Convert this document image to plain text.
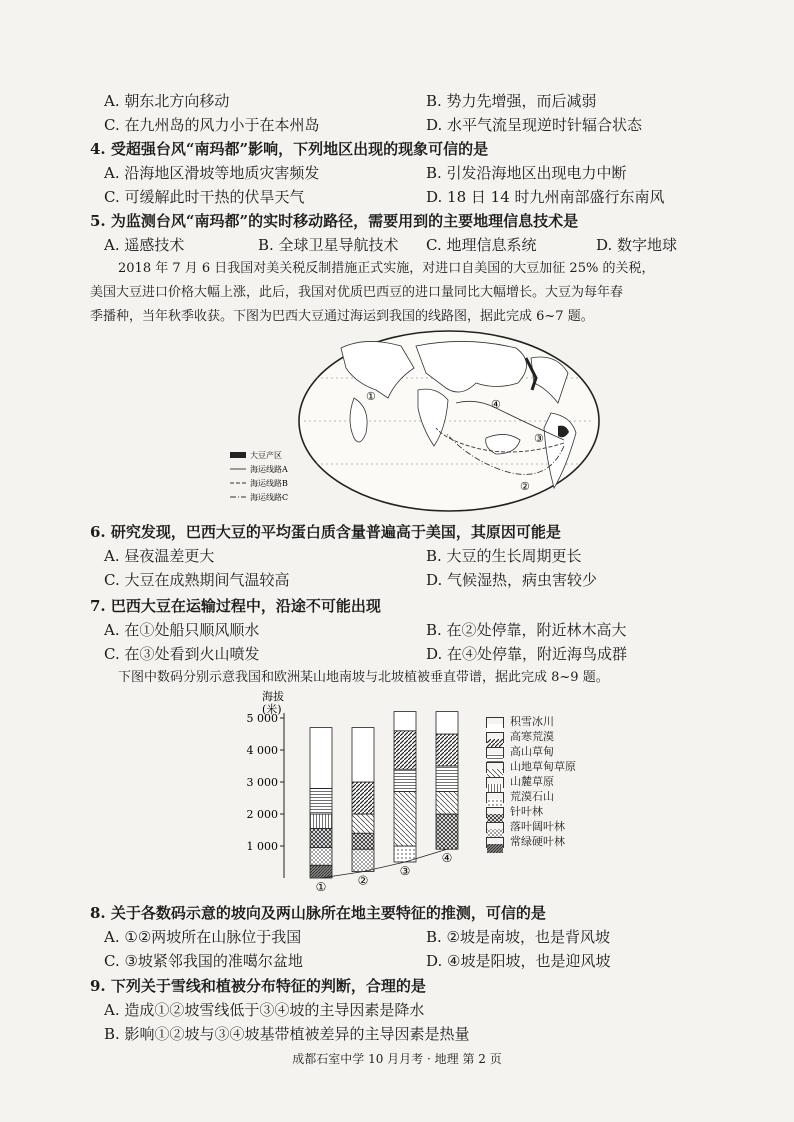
A. 朝东北方向移动	B. 势力先增强，而后减弱
C. 在九州岛的风力小于在本州岛	D. 水平气流呈现逆时针辐合状态
4. 受超强台风“南玛都”影响，下列地区出现的现象可信的是
A. 沿海地区滑坡等地质灾害频发	B. 引发沿海地区出现电力中断
C. 可缓解此时干热的伏旱天气	D. 18 日 14 时九州南部盛行东南风
5. 为监测台风“南玛都”的实时移动路径，需要用到的主要地理信息技术是
A. 遥感技术	B. 全球卫星导航技术 C. 地理信息系统	D. 数字地球
2018 年 7 月 6 日我国对美关税反制措施正式实施，对进口自美国的大豆加征 25% 的关税，
美国大豆进口价格大幅上涨，此后，我国对优质巴西豆的进口量同比大幅增长。大豆为每年春
季播种，当年秋季收获。下图为巴西大豆通过海运到我国的线路图，据此完成 6~7 题。
④
②
③
①
大豆产区
海运线路A
海运线路B
海运线路C
6. 研究发现，巴西大豆的平均蛋白质含量普遍高于美国，其原因可能是
A. 昼夜温差更大	B. 大豆的生长周期更长
C. 大豆在成熟期间气温较高	D. 气候湿热，病虫害较少
7. 巴西大豆在运输过程中，沿途不可能出现
A. 在①处船只顺风顺水	B. 在②处停靠，附近林木高大
C. 在③处看到火山喷发	D. 在④处停靠，附近海鸟成群
下图中数码分别示意我国和欧洲某山地南坡与北坡植被垂直带谱，据此完成 8~9 题。
海拔
(米)
1 000
2 000
3 000
4 000
5 000
①	②
③
④
积雪冰川
高寒荒漠
高山草甸
山地草甸草原
山麓草原
荒漠石山
针叶林
落叶阔叶林
常绿硬叶林
8. 关于各数码示意的坡向及两山脉所在地主要特征的推测，可信的是
A. ①②两坡所在山脉位于我国	B. ②坡是南坡，也是背风坡
C. ③坡紧邻我国的准噶尔盆地	D. ④坡是阳坡，也是迎风坡
9. 下列关于雪线和植被分布特征的判断，合理的是
A. 造成①②坡雪线低于③④坡的主导因素是降水
B. 影响①②坡与③④坡基带植被差异的主导因素是热量
成都石室中学 10 月月考 · 地理 第 2 页
